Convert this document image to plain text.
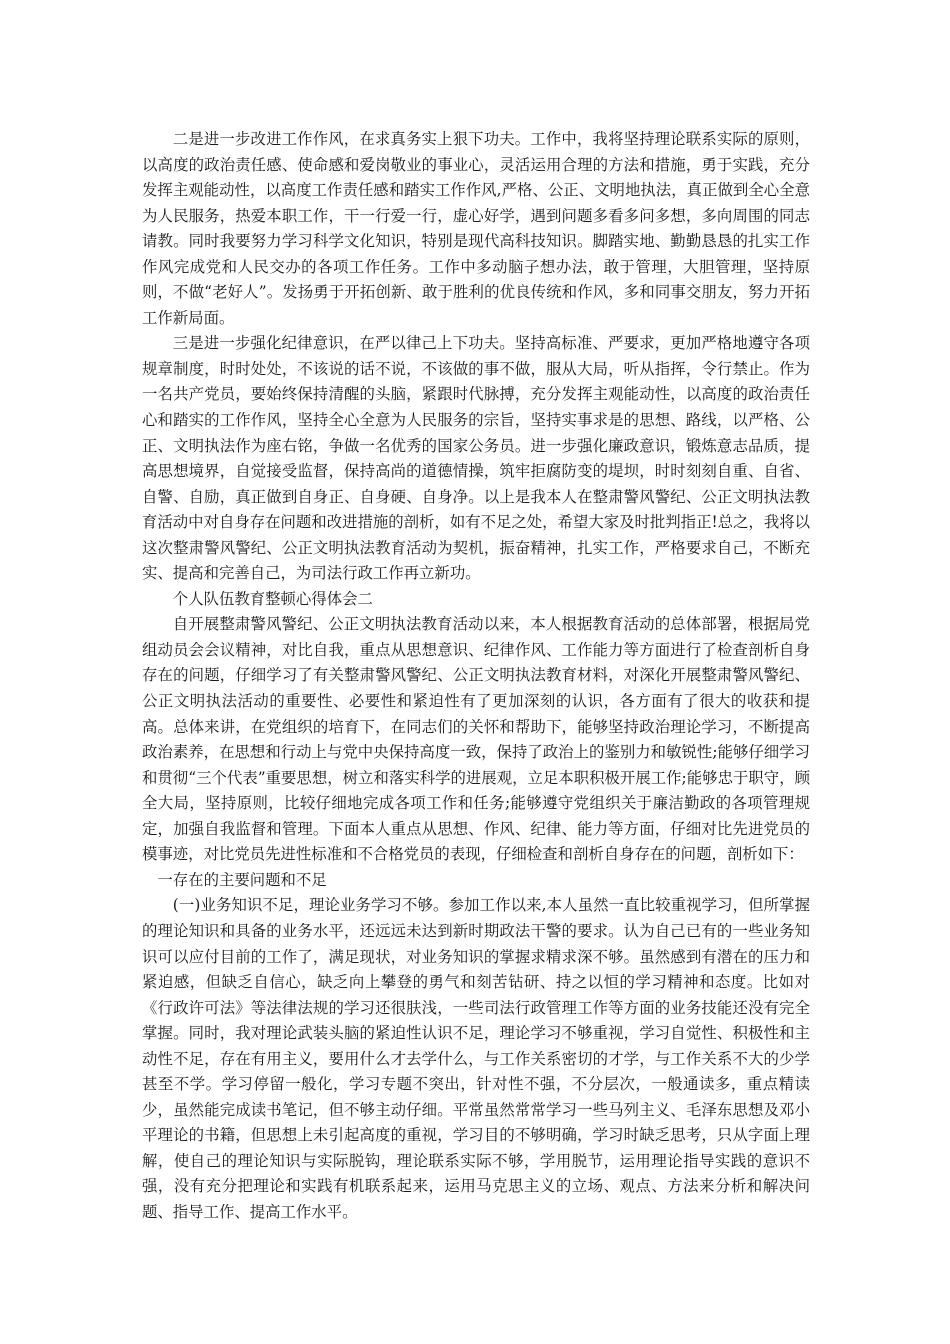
二是进一步改进工作作风，在求真务实上狠下功夫。工作中，我将坚持理论联系实际的原则，以高度的政治责任感、使命感和爱岗敬业的事业心，灵活运用合理的方法和措施，勇于实践，充分发挥主观能动性，以高度工作责任感和踏实工作作风,严格、公正、文明地执法，真正做到全心全意为人民服务，热爱本职工作，干一行爱一行，虚心好学，遇到问题多看多问多想，多向周围的同志请教。同时我要努力学习科学文化知识，特别是现代高科技知识。脚踏实地、勤勤恳恳的扎实工作作风完成党和人民交办的各项工作任务。工作中多动脑子想办法，敢于管理，大胆管理，坚持原则，不做“老好人”。发扬勇于开拓创新、敢于胜利的优良传统和作风，多和同事交朋友，努力开拓工作新局面。

三是进一步强化纪律意识，在严以律己上下功夫。坚持高标准、严要求，更加严格地遵守各项规章制度，时时处处，不该说的话不说，不该做的事不做，服从大局，听从指挥，令行禁止。作为一名共产党员，要始终保持清醒的头脑，紧跟时代脉搏，充分发挥主观能动性，以高度的政治责任心和踏实的工作作风，坚持全心全意为人民服务的宗旨，坚持实事求是的思想、路线，以严格、公正、文明执法作为座右铭，争做一名优秀的国家公务员。进一步强化廉政意识，锻炼意志品质，提高思想境界，自觉接受监督，保持高尚的道德情操，筑牢拒腐防变的堤坝，时时刻刻自重、自省、自警、自励，真正做到自身正、自身硬、自身净。以上是我本人在整肃警风警纪、公正文明执法教育活动中对自身存在问题和改进措施的剖析，如有不足之处，希望大家及时批判指正!总之，我将以这次整肃警风警纪、公正文明执法教育活动为契机，振奋精神，扎实工作，严格要求自己，不断充实、提高和完善自己，为司法行政工作再立新功。

个人队伍教育整顿心得体会二

自开展整肃警风警纪、公正文明执法教育活动以来，本人根据教育活动的总体部署，根据局党组动员会会议精神，对比自我，重点从思想意识、纪律作风、工作能力等方面进行了检查剖析自身存在的问题，仔细学习了有关整肃警风警纪、公正文明执法教育材料，对深化开展整肃警风警纪、公正文明执法活动的重要性、必要性和紧迫性有了更加深刻的认识，各方面有了很大的收获和提高。总体来讲，在党组织的培育下，在同志们的关怀和帮助下，能够坚持政治理论学习，不断提高政治素养，在思想和行动上与党中央保持高度一致，保持了政治上的鉴别力和敏锐性;能够仔细学习和贯彻“三个代表”重要思想，树立和落实科学的进展观，立足本职积极开展工作;能够忠于职守，顾全大局，坚持原则，比较仔细地完成各项工作和任务;能够遵守党组织关于廉洁勤政的各项管理规定，加强自我监督和管理。下面本人重点从思想、作风、纪律、能力等方面，仔细对比先进党员的模事迹，对比党员先进性标准和不合格党员的表现，仔细检查和剖析自身存在的问题，剖析如下：

一存在的主要问题和不足

(一)业务知识不足，理论业务学习不够。参加工作以来,本人虽然一直比较重视学习，但所掌握的理论知识和具备的业务水平，还远远未达到新时期政法干警的要求。认为自己已有的一些业务知识可以应付目前的工作了，满足现状，对业务知识的掌握求精求深不够。虽然感到有潜在的压力和紧迫感，但缺乏自信心，缺乏向上攀登的勇气和刻苦钻研、持之以恒的学习精神和态度。比如对《行政许可法》等法律法规的学习还很肤浅，一些司法行政管理工作等方面的业务技能还没有完全掌握。同时，我对理论武装头脑的紧迫性认识不足，理论学习不够重视，学习自觉性、积极性和主动性不足，存在有用主义，要用什么才去学什么，与工作关系密切的才学，与工作关系不大的少学甚至不学。学习停留一般化，学习专题不突出，针对性不强，不分层次，一般通读多，重点精读少，虽然能完成读书笔记，但不够主动仔细。平常虽然常常学习一些马列主义、毛泽东思想及邓小平理论的书籍，但思想上未引起高度的重视，学习目的不够明确，学习时缺乏思考，只从字面上理解，使自己的理论知识与实际脱钩，理论联系实际不够，学用脱节，运用理论指导实践的意识不强，没有充分把理论和实践有机联系起来，运用马克思主义的立场、观点、方法来分析和解决问题、指导工作、提高工作水平。
